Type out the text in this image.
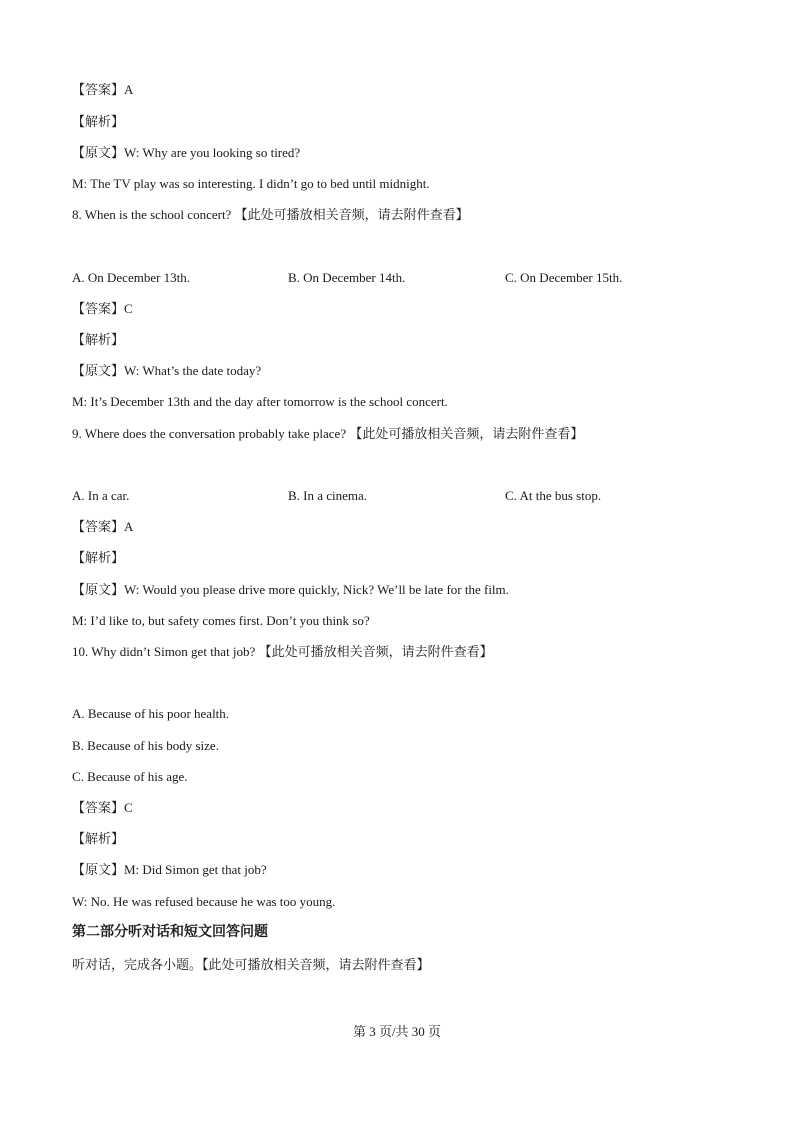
【答案】A
【解析】
【原文】W: Why are you looking so tired?
M: The TV play was so interesting. I didn’t go to bed until midnight.
8. When is the school concert? 【此处可播放相关音频，请去附件查看】
A. On December 13th.	B. On December 14th.	C. On December 15th.
【答案】C
【解析】
【原文】W: What’s the date today?
M: It’s December 13th and the day after tomorrow is the school concert.
9. Where does the conversation probably take place? 【此处可播放相关音频，请去附件查看】
A. In a car.	B. In a cinema.	C. At the bus stop.
【答案】A
【解析】
【原文】W: Would you please drive more quickly, Nick? We’ll be late for the film.
M: I’d like to, but safety comes first. Don’t you think so?
10. Why didn’t Simon get that job? 【此处可播放相关音频，请去附件查看】
A. Because of his poor health.
B. Because of his body size.
C. Because of his age.
【答案】C
【解析】
【原文】M: Did Simon get that job?
W: No. He was refused because he was too young.
第二部分听对话和短文回答问题
听对话，完成各小题。【此处可播放相关音频，请去附件查看】
第 3 页/共 30 页
